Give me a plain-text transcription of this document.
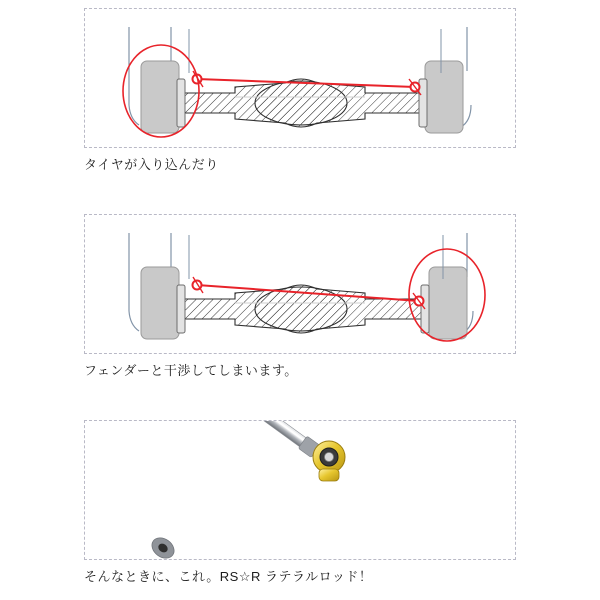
タイヤが入り込んだり
フェンダーと干渉してしまいます。
そんなときに、これ。RS☆R ラテラルロッド！
